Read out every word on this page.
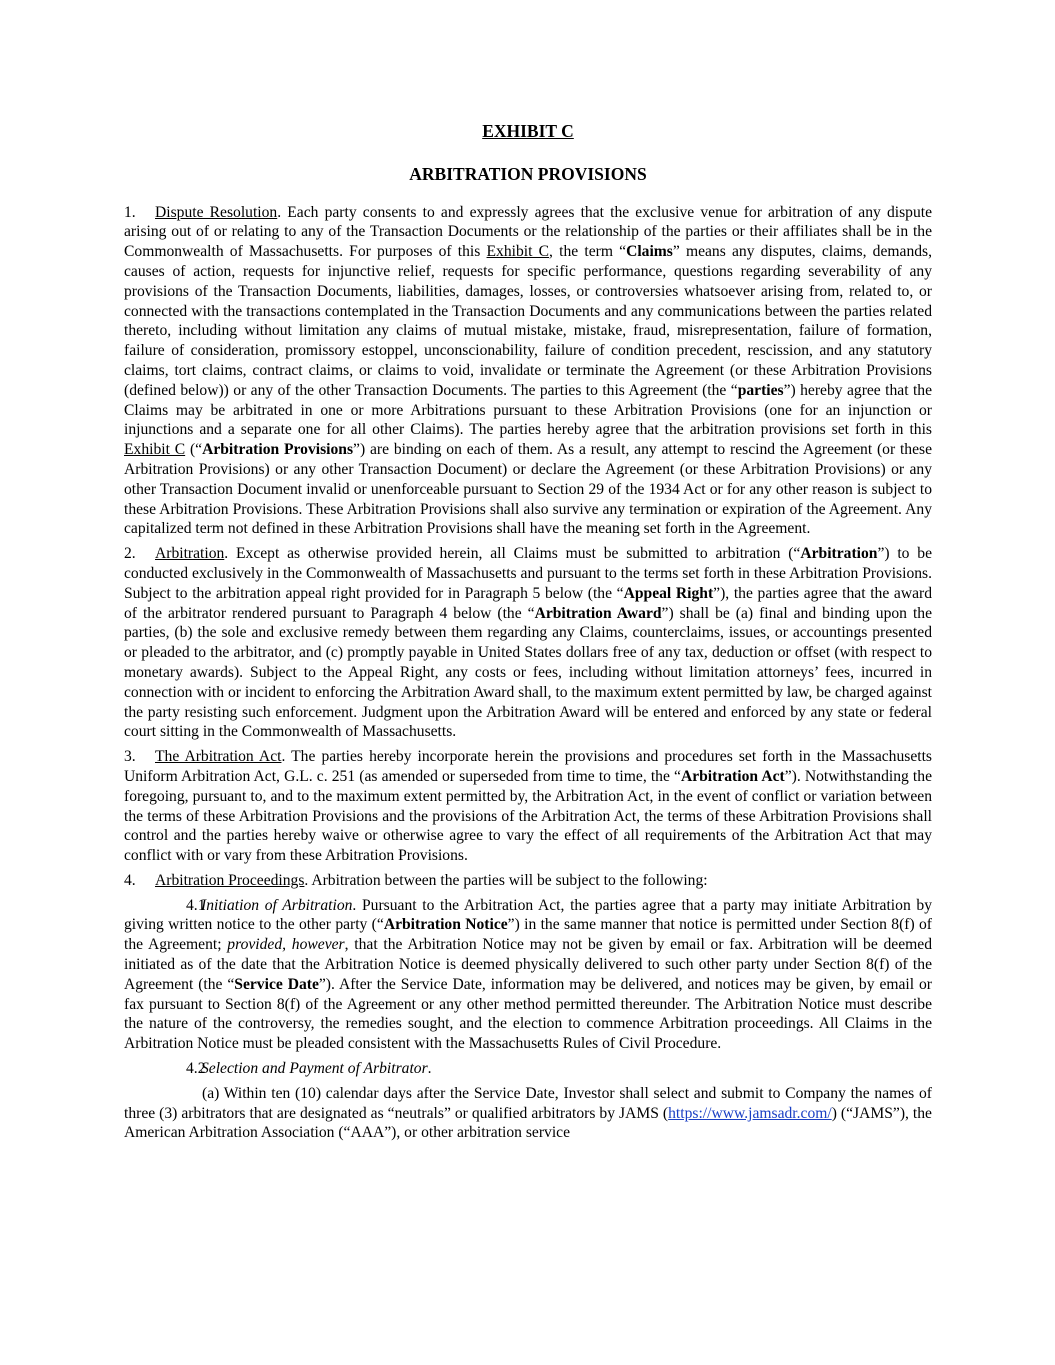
EXHIBIT C

ARBITRATION PROVISIONS

1. Dispute Resolution. Each party consents to and expressly agrees that the exclusive venue for arbitration of any dispute arising out of or relating to any of the Transaction Documents or the relationship of the parties or their affiliates shall be in the Commonwealth of Massachusetts. For purposes of this Exhibit C, the term “Claims” means any disputes, claims, demands, causes of action, requests for injunctive relief, requests for specific performance, questions regarding severability of any provisions of the Transaction Documents, liabilities, damages, losses, or controversies whatsoever arising from, related to, or connected with the transactions contemplated in the Transaction Documents and any communications between the parties related thereto, including without limitation any claims of mutual mistake, mistake, fraud, misrepresentation, failure of formation, failure of consideration, promissory estoppel, unconscionability, failure of condition precedent, rescission, and any statutory claims, tort claims, contract claims, or claims to void, invalidate or terminate the Agreement (or these Arbitration Provisions (defined below)) or any of the other Transaction Documents. The parties to this Agreement (the “parties”) hereby agree that the Claims may be arbitrated in one or more Arbitrations pursuant to these Arbitration Provisions (one for an injunction or injunctions and a separate one for all other Claims). The parties hereby agree that the arbitration provisions set forth in this Exhibit C (“Arbitration Provisions”) are binding on each of them. As a result, any attempt to rescind the Agreement (or these Arbitration Provisions) or any other Transaction Document) or declare the Agreement (or these Arbitration Provisions) or any other Transaction Document invalid or unenforceable pursuant to Section 29 of the 1934 Act or for any other reason is subject to these Arbitration Provisions. These Arbitration Provisions shall also survive any termination or expiration of the Agreement. Any capitalized term not defined in these Arbitration Provisions shall have the meaning set forth in the Agreement.

2. Arbitration. Except as otherwise provided herein, all Claims must be submitted to arbitration (“Arbitration”) to be conducted exclusively in the Commonwealth of Massachusetts and pursuant to the terms set forth in these Arbitration Provisions. Subject to the arbitration appeal right provided for in Paragraph 5 below (the “Appeal Right”), the parties agree that the award of the arbitrator rendered pursuant to Paragraph 4 below (the “Arbitration Award”) shall be (a) final and binding upon the parties, (b) the sole and exclusive remedy between them regarding any Claims, counterclaims, issues, or accountings presented or pleaded to the arbitrator, and (c) promptly payable in United States dollars free of any tax, deduction or offset (with respect to monetary awards). Subject to the Appeal Right, any costs or fees, including without limitation attorneys’ fees, incurred in connection with or incident to enforcing the Arbitration Award shall, to the maximum extent permitted by law, be charged against the party resisting such enforcement. Judgment upon the Arbitration Award will be entered and enforced by any state or federal court sitting in the Commonwealth of Massachusetts.

3. The Arbitration Act. The parties hereby incorporate herein the provisions and procedures set forth in the Massachusetts Uniform Arbitration Act, G.L. c. 251 (as amended or superseded from time to time, the “Arbitration Act”). Notwithstanding the foregoing, pursuant to, and to the maximum extent permitted by, the Arbitration Act, in the event of conflict or variation between the terms of these Arbitration Provisions and the provisions of the Arbitration Act, the terms of these Arbitration Provisions shall control and the parties hereby waive or otherwise agree to vary the effect of all requirements of the Arbitration Act that may conflict with or vary from these Arbitration Provisions.

4. Arbitration Proceedings. Arbitration between the parties will be subject to the following:

4.1Initiation of Arbitration. Pursuant to the Arbitration Act, the parties agree that a party may initiate Arbitration by giving written notice to the other party (“Arbitration Notice”) in the same manner that notice is permitted under Section 8(f) of the Agreement; provided, however, that the Arbitration Notice may not be given by email or fax. Arbitration will be deemed initiated as of the date that the Arbitration Notice is deemed physically delivered to such other party under Section 8(f) of the Agreement (the “Service Date”). After the Service Date, information may be delivered, and notices may be given, by email or fax pursuant to Section 8(f) of the Agreement or any other method permitted thereunder. The Arbitration Notice must describe the nature of the controversy, the remedies sought, and the election to commence Arbitration proceedings. All Claims in the Arbitration Notice must be pleaded consistent with the Massachusetts Rules of Civil Procedure.

4.2Selection and Payment of Arbitrator.

(a) Within ten (10) calendar days after the Service Date, Investor shall select and submit to Company the names of three (3) arbitrators that are designated as “neutrals” or qualified arbitrators by JAMS (https://www.jamsadr.com/) (“JAMS”), the American Arbitration Association (“AAA”), or other arbitration service
